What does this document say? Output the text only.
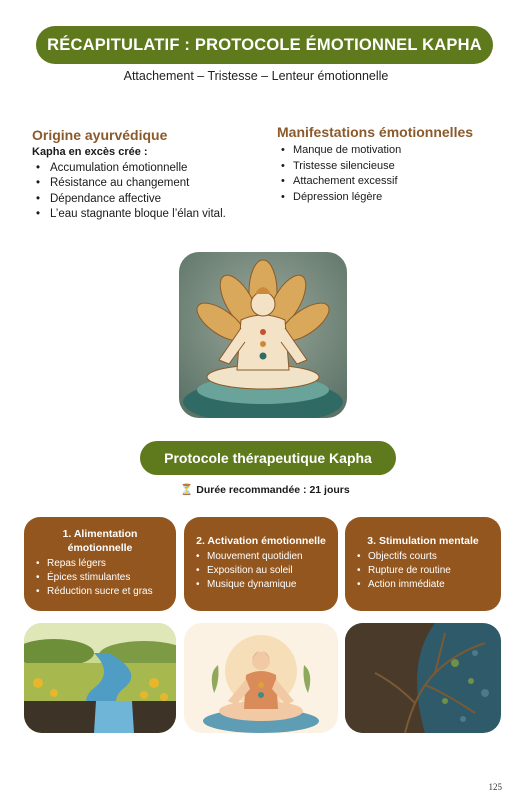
RÉCAPITULATIF : PROTOCOLE ÉMOTIONNEL KAPHA
Attachement – Tristesse – Lenteur émotionnelle
Origine ayurvédique
Kapha en excès crée :
• Accumulation émotionnelle
• Résistance au changement
• Dépendance affective
• L’eau stagnante bloque l’élan vital.
Manifestations émotionnelles
• Manque de motivation
• Tristesse silencieuse
• Attachement excessif
• Dépression légère
Protocole thérapeutique Kapha
⏳ Durée recommandée : 21 jours
1. Alimentation émotionnelle
• Repas légers
• Épices stimulantes
• Réduction sucre et gras
2. Activation émotionnelle
• Mouvement quotidien
• Exposition au soleil
• Musique dynamique
3. Stimulation mentale
• Objectifs courts
• Rupture de routine
• Action immédiate
125
